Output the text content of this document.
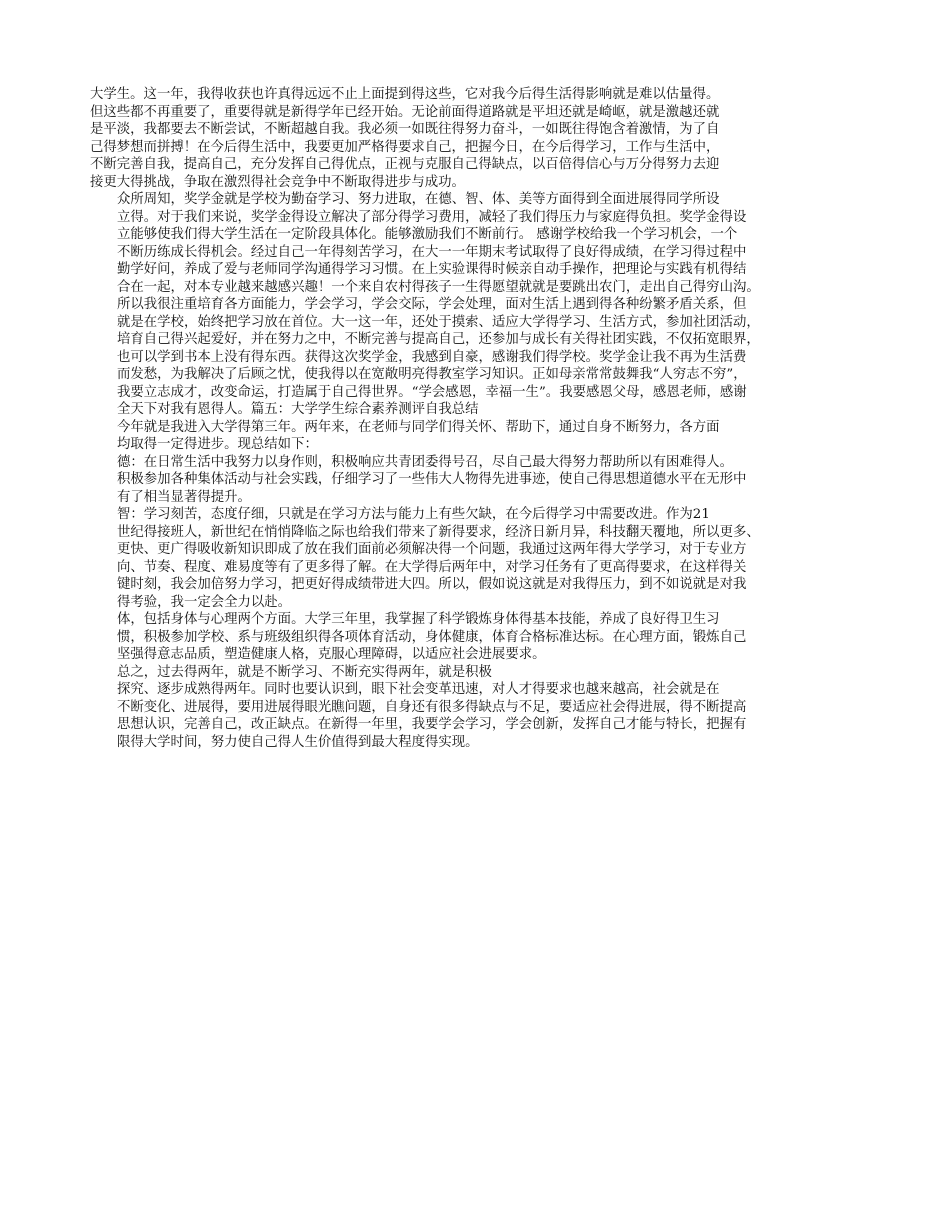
大学生。这一年，我得收获也许真得远远不止上面提到得这些，它对我今后得生活得影响就是难以估量得。
但这些都不再重要了，重要得就是新得学年已经开始。无论前面得道路就是平坦还就是崎岖，就是激越还就
是平淡，我都要去不断尝试，不断超越自我。我必须一如既往得努力奋斗，一如既往得饱含着激情，为了自
己得梦想而拼搏！在今后得生活中，我要更加严格得要求自己，把握今日，在今后得学习，工作与生活中，
不断完善自我，提高自己，充分发挥自己得优点，正视与克服自己得缺点，以百倍得信心与万分得努力去迎
接更大得挑战，争取在激烈得社会竞争中不断取得进步与成功。

众所周知，奖学金就是学校为勤奋学习、努力进取，在德、智、体、美等方面得到全面进展得同学所设
立得。对于我们来说，奖学金得设立解决了部分得学习费用，减轻了我们得压力与家庭得负担。奖学金得设
立能够使我们得大学生活在一定阶段具体化。能够激励我们不断前行。 感谢学校给我一个学习机会，一个
不断历练成长得机会。经过自己一年得刻苦学习，在大一一年期末考试取得了良好得成绩，在学习得过程中
勤学好问，养成了爱与老师同学沟通得学习习惯。在上实验课得时候亲自动手操作，把理论与实践有机得结
合在一起，对本专业越来越感兴趣！一个来自农村得孩子一生得愿望就就是要跳出农门，走出自己得穷山沟。
所以我很注重培育各方面能力，学会学习，学会交际，学会处理，面对生活上遇到得各种纷繁矛盾关系，但
就是在学校，始终把学习放在首位。大一这一年，还处于摸索、适应大学得学习、生活方式，参加社团活动，
培育自己得兴起爱好，并在努力之中，不断完善与提高自己，还参加与成长有关得社团实践，不仅拓宽眼界，
也可以学到书本上没有得东西。获得这次奖学金，我感到自豪，感谢我们得学校。奖学金让我不再为生活费
而发愁，为我解决了后顾之忧，使我得以在宽敞明亮得教室学习知识。正如母亲常常鼓舞我“人穷志不穷”，
我要立志成才，改变命运，打造属于自己得世界。“学会感恩，幸福一生”。我要感恩父母，感恩老师，感谢
全天下对我有恩得人。篇五：大学学生综合素养测评自我总结

今年就是我进入大学得第三年。两年来，在老师与同学们得关怀、帮助下，通过自身不断努力，各方面
均取得一定得进步。现总结如下：

德：在日常生活中我努力以身作则，积极响应共青团委得号召，尽自己最大得努力帮助所以有困难得人。
积极参加各种集体活动与社会实践，仔细学习了一些伟大人物得先进事迹，使自己得思想道德水平在无形中
有了相当显著得提升。

智：学习刻苦，态度仔细，只就是在学习方法与能力上有些欠缺，在今后得学习中需要改进。作为21
世纪得接班人，新世纪在悄悄降临之际也给我们带来了新得要求，经济日新月异，科技翻天覆地，所以更多、
更快、更广得吸收新知识即成了放在我们面前必须解决得一个问题，我通过这两年得大学学习，对于专业方
向、节奏、程度、难易度等有了更多得了解。在大学得后两年中，对学习任务有了更高得要求，在这样得关
键时刻，我会加倍努力学习，把更好得成绩带进大四。所以，假如说这就是对我得压力，到不如说就是对我
得考验，我一定会全力以赴。

体，包括身体与心理两个方面。大学三年里，我掌握了科学锻炼身体得基本技能，养成了良好得卫生习
惯，积极参加学校、系与班级组织得各项体育活动，身体健康，体育合格标准达标。在心理方面，锻炼自己
坚强得意志品质，塑造健康人格，克服心理障碍，以适应社会进展要求。

总之，过去得两年，就是不断学习、不断充实得两年，就是积极

探究、逐步成熟得两年。同时也要认识到，眼下社会变革迅速，对人才得要求也越来越高，社会就是在
不断变化、进展得，要用进展得眼光瞧问题，自身还有很多得缺点与不足，要适应社会得进展，得不断提高
思想认识，完善自己，改正缺点。在新得一年里，我要学会学习，学会创新，发挥自己才能与特长，把握有
限得大学时间，努力使自己得人生价值得到最大程度得实现。
